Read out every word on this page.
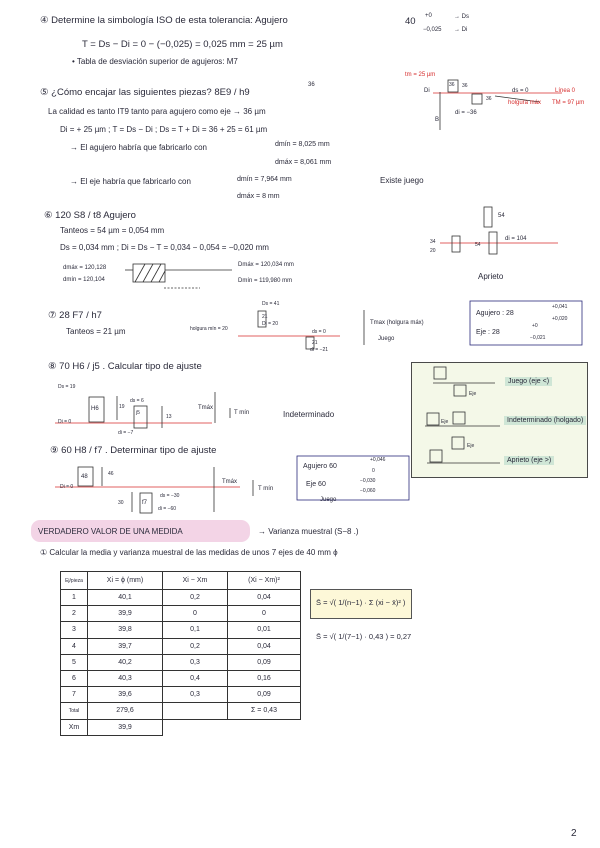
④ Determine la simbología ISO de esta tolerancia: Agujero	40 +0
−0,025
→ Ds
→ Di
T = Ds − Di = 0 − (−0,025) = 0,025 mm = 25 µm
• Tabla de desviación superior de agujeros: M7
⑤ ¿Cómo encajar las siguientes piezas? 8E9 / h9
36
La calidad es tanto IT9 tanto para agujero como eje → 36 µm
Di = + 25 µm ; T = Ds − Di ; Ds = T + Di = 36 + 25 = 61 µm
→ El agujero habría que fabricarlo con	dmín = 8,025 mm
dmáx = 8,061 mm
→ El eje habría que fabricarlo con	dmín = 7,964 mm
dmáx = 8 mm
Existe juego
tm = 25 µm
Di
36 36
36
ds = 0
di = −36
Línea 0
holgura máx TM = 97 µm
B
⑥ 120 S8 / t8 Agujero
Tanteos = 54 µm = 0,054 mm
Ds = 0,034 mm ; Di = Ds − T = 0,034 − 0,054 = −0,020 mm
dmáx = 120,128
dmín = 120,104
Dmáx = 120,034 mm
Dmín = 119,980 mm	Aprieto
54
34
20
54
di = 104
⑦ 28 F7 / h7
Tanteos = 21 µm	holgura mín = 20
Ds = 41
21
Di = 20
ds = 0
21
di = −21
Tmax (holgura máx)
Juego
Agujero : 28
+0,041
+0,020
Eje : 28
+0
−0,021
Juego (eje <)
Indeterminado (holgado)
Aprieto (eje >)
Eje
Eje
Eje
⑧ 70 H6 / j5 . Calcular tipo de ajuste
Ds = 19
H6	19
ds = 6
j5
13
Di = 0
di = −7
Tmáx
T mín	Indeterminado
⑨ 60 H8 / f7 . Determinar tipo de ajuste
48	46
Di = 0
30	f7
ds = −30
di = −60
Tmáx
T mín
Agujero 60
+0,046
0
Eje 60	−0,030
−0,060
Juego
VERDADERO VALOR DE UNA MEDIDA	→ Varianza muestral (S−8 .)
① Calcular la media y varianza muestral de las medidas de unos 7 ejes de 40 mm ϕ
Ej/pieza	Xi = ϕ (mm)	Xi − Xm	(Xi − Xm)²
1	40,1	0,2	0,04
2	39,9	0	0
3	39,8	0,1	0,01
4	39,7	0,2	0,04
5	40,2	0,3	0,09
6	40,3	0,4	0,16
7	39,6	0,3	0,09
Total	279,6		Σ = 0,43
Xm	39,9		
S̄ = √( 1/(n−1) · Σ (xi − x̄)² )
S̄ = √( 1/(7−1) · 0,43 ) = 0,27
2
